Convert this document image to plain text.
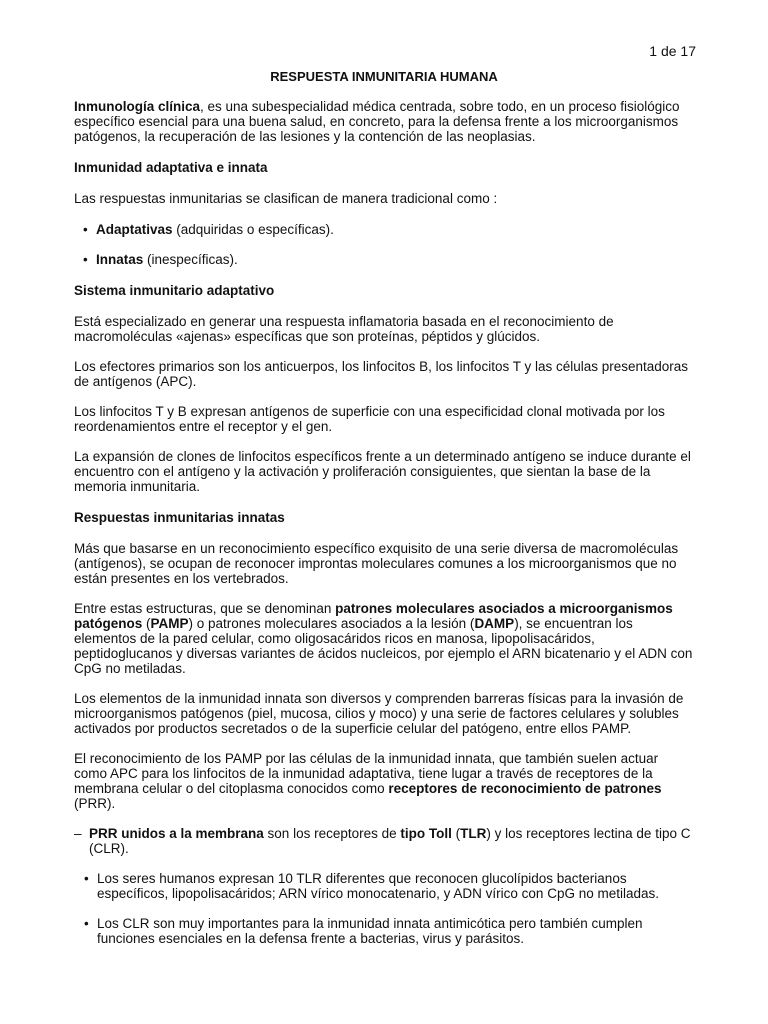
1 de 17
RESPUESTA INMUNITARIA HUMANA

Inmunología clínica, es una subespecialidad médica centrada, sobre todo, en un proceso fisiológico específico esencial para una buena salud, en concreto, para la defensa frente a los microorganismos patógenos, la recuperación de las lesiones y la contención de las neoplasias.

Inmunidad adaptativa e innata

Las respuestas inmunitarias se clasifican de manera tradicional como :

• Adaptativas (adquiridas o específicas).

• Innatas (inespecíficas).

Sistema inmunitario adaptativo

Está especializado en generar una respuesta inflamatoria basada en el reconocimiento de macromoléculas «ajenas» específicas que son proteínas, péptidos y glúcidos.

Los efectores primarios son los anticuerpos, los linfocitos B, los linfocitos T y las células presentadoras de antígenos (APC).

Los linfocitos T y B expresan antígenos de superficie con una especificidad clonal motivada por los reordenamientos entre el receptor y el gen.

La expansión de clones de linfocitos específicos frente a un determinado antígeno se induce durante el encuentro con el antígeno y la activación y proliferación consiguientes, que sientan la base de la memoria inmunitaria.

Respuestas inmunitarias innatas

Más que basarse en un reconocimiento específico exquisito de una serie diversa de macromoléculas (antígenos), se ocupan de reconocer improntas moleculares comunes a los microorganismos que no están presentes en los vertebrados.

Entre estas estructuras, que se denominan patrones moleculares asociados a microorganismos patógenos (PAMP) o patrones moleculares asociados a la lesión (DAMP), se encuentran los elementos de la pared celular, como oligosacáridos ricos en manosa, lipopolisacáridos, peptidoglucanos y diversas variantes de ácidos nucleicos, por ejemplo el ARN bicatenario y el ADN con CpG no metiladas.

Los elementos de la inmunidad innata son diversos y comprenden barreras físicas para la invasión de microorganismos patógenos (piel, mucosa, cilios y moco) y una serie de factores celulares y solubles activados por productos secretados o de la superficie celular del patógeno, entre ellos PAMP.

El reconocimiento de los PAMP por las células de la inmunidad innata, que también suelen actuar como APC para los linfocitos de la inmunidad adaptativa, tiene lugar a través de receptores de la membrana celular o del citoplasma conocidos como receptores de reconocimiento de patrones (PRR).

– PRR unidos a la membrana son los receptores de tipo Toll (TLR) y los receptores lectina de tipo C (CLR).

• Los seres humanos expresan 10 TLR diferentes que reconocen glucolípidos bacterianos específicos, lipopolisacáridos; ARN vírico monocatenario, y ADN vírico con CpG no metiladas.

• Los CLR son muy importantes para la inmunidad innata antimicótica pero también cumplen funciones esenciales en la defensa frente a bacterias, virus y parásitos.
